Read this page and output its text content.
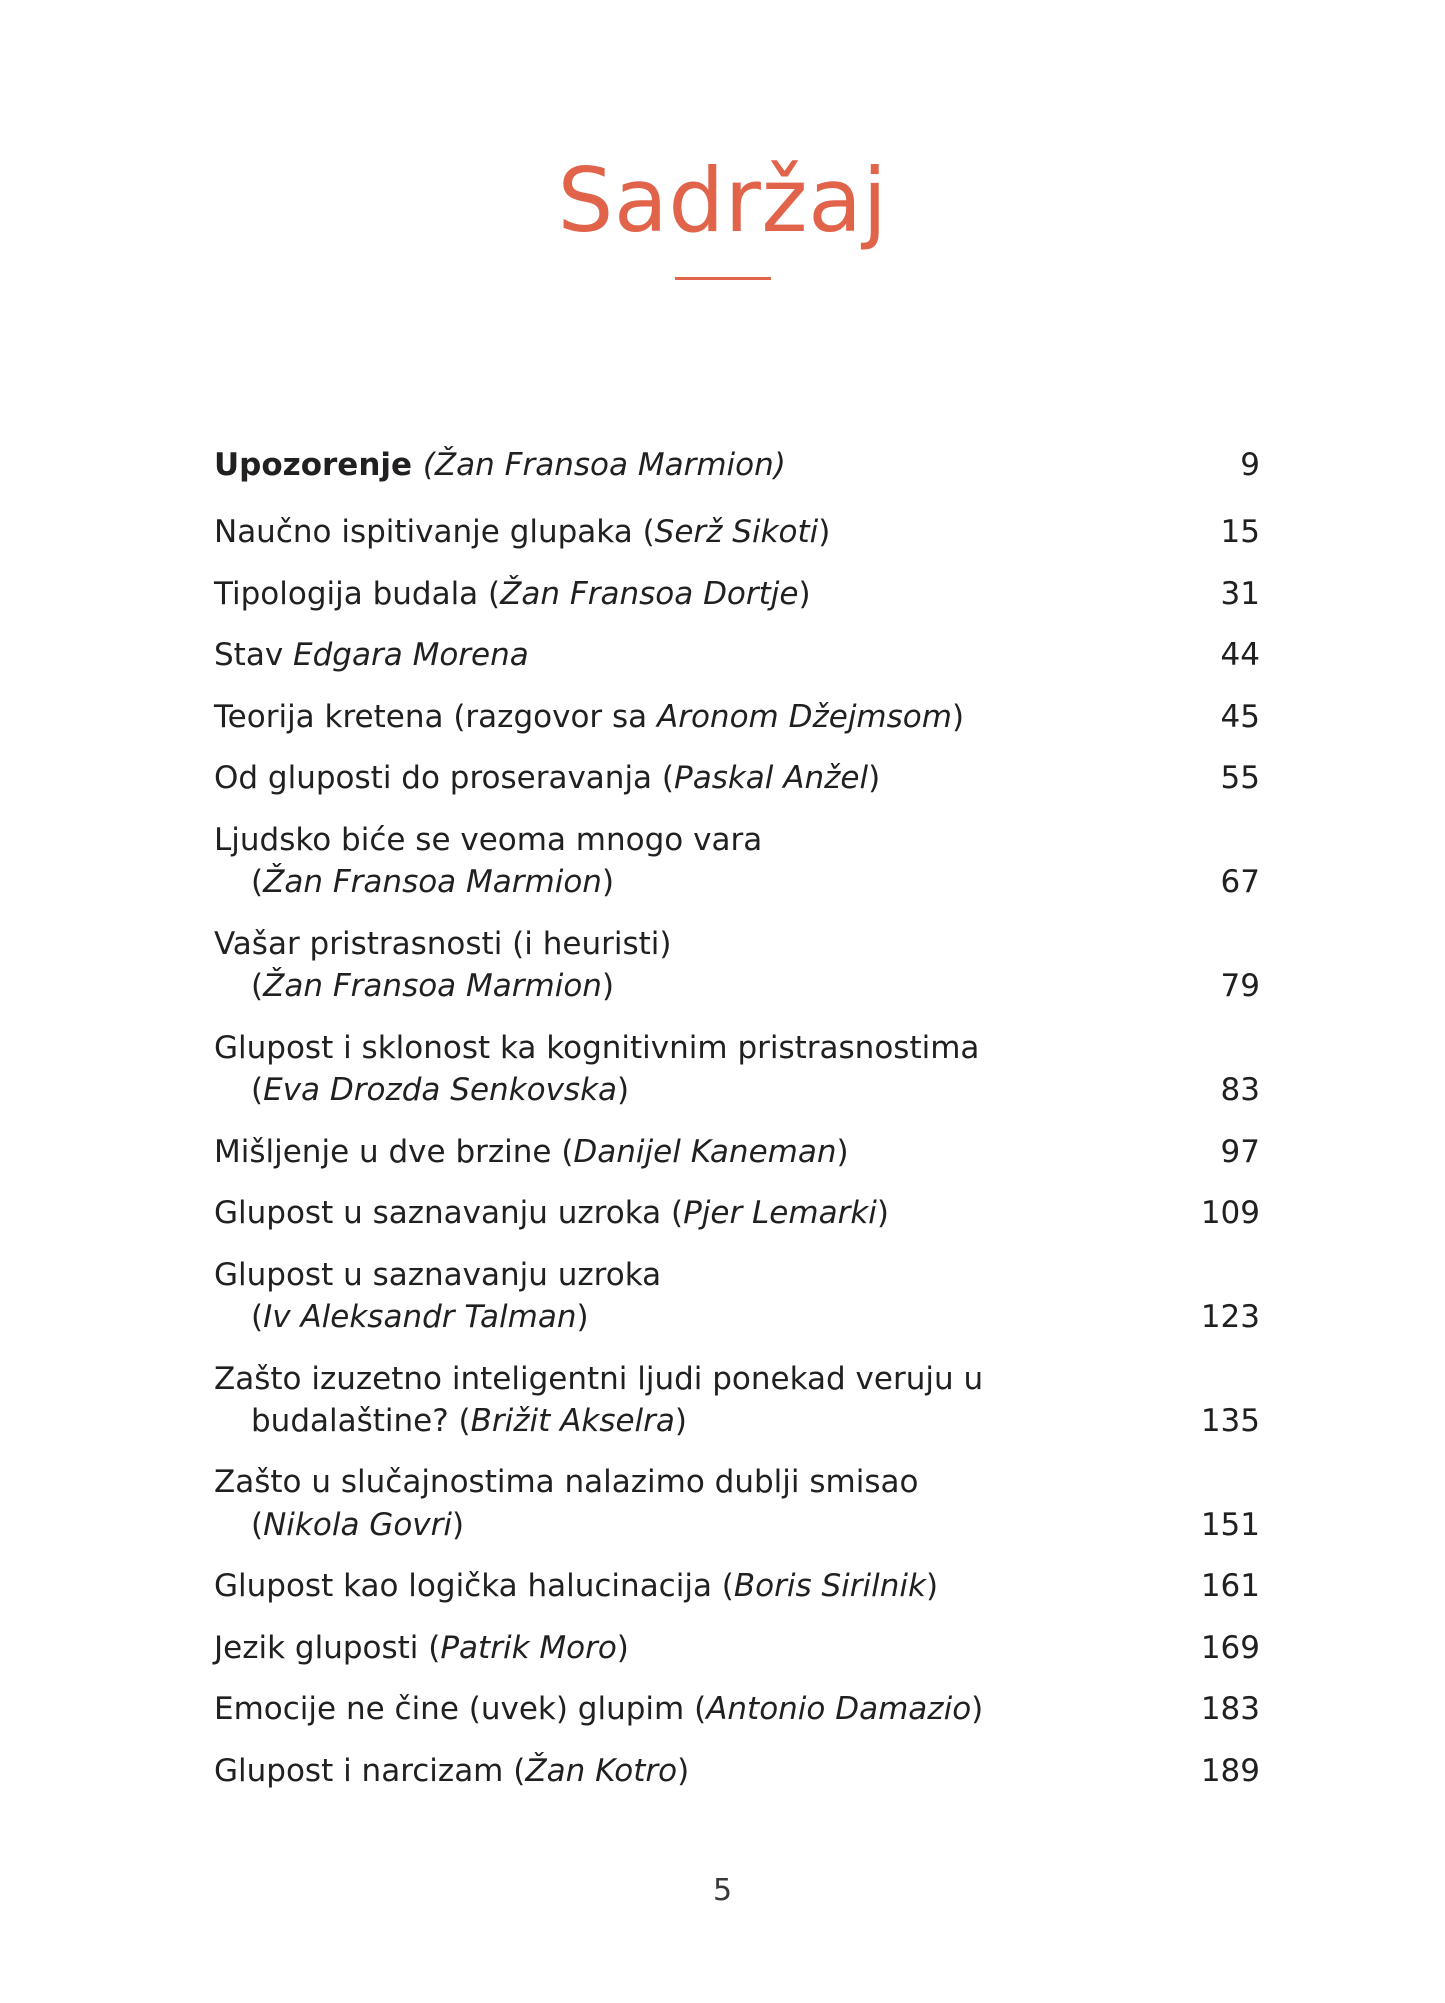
Sadržaj
Upozorenje (Žan Fransoa Marmion)	9
Naučno ispitivanje glupaka (Serž Sikoti)	15
Tipologija budala (Žan Fransoa Dortje)	31
Stav Edgara Morena	44
Teorija kretena (razgovor sa Aronom Džejmsom)	45
Od gluposti do proseravanja (Paskal Anžel)	55
Ljudsko biće se veoma mnogo vara
(Žan Fransoa Marmion)	67
Vašar pristrasnosti (i heuristi)
(Žan Fransoa Marmion)	79
Glupost i sklonost ka kognitivnim pristrasnostima
(Eva Drozda Senkovska)	83
Mišljenje u dve brzine (Danijel Kaneman)	97
Glupost u saznavanju uzroka (Pjer Lemarki)	109
Glupost u saznavanju uzroka
(Iv Aleksandr Talman)	123
Zašto izuzetno inteligentni ljudi ponekad veruju u
budalaštine? (Brižit Akselra)	135
Zašto u slučajnostima nalazimo dublji smisao
(Nikola Govri)	151
Glupost kao logička halucinacija (Boris Sirilnik)	161
Jezik gluposti (Patrik Moro)	169
Emocije ne čine (uvek) glupim (Antonio Damazio)	183
Glupost i narcizam (Žan Kotro)	189
5
